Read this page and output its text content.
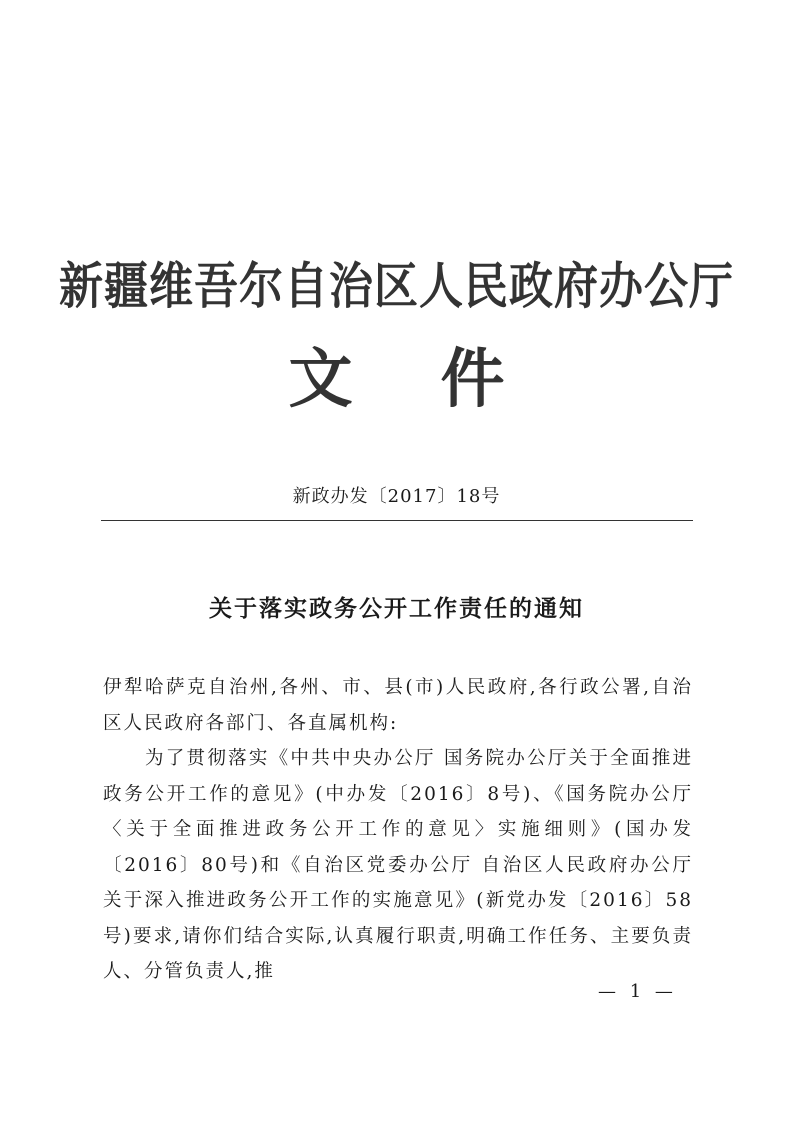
新疆维吾尔自治区人民政府办公厅
文件
新政办发〔2017〕18号
关于落实政务公开工作责任的通知

伊犁哈萨克自治州,各州、市、县(市)人民政府,各行政公署,自治区人民政府各部门、各直属机构:

为了贯彻落实《中共中央办公厅 国务院办公厅关于全面推进政务公开工作的意见》(中办发〔2016〕8号)、《国务院办公厅〈关于全面推进政务公开工作的意见〉实施细则》(国办发〔2016〕80号)和《自治区党委办公厅 自治区人民政府办公厅关于深入推进政务公开工作的实施意见》(新党办发〔2016〕58号)要求,请你们结合实际,认真履行职责,明确工作任务、主要负责人、分管负责人,推

— 1 —
